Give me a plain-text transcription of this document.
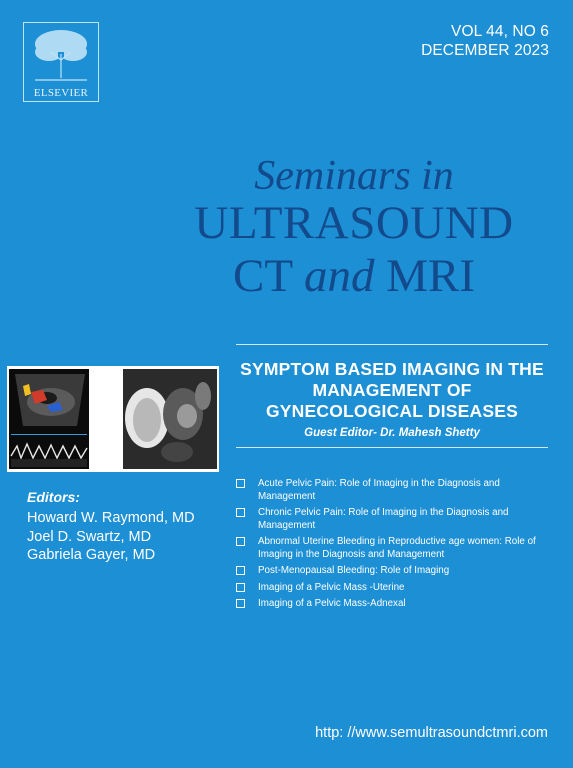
ELSEVIER
VOL 44, NO 6
DECEMBER 2023
Seminars in
ULTRASOUND
CT and MRI
SYMPTOM BASED IMAGING IN THE MANAGEMENT OF GYNECOLOGICAL DISEASES
Guest Editor- Dr. Mahesh Shetty
Acute Pelvic Pain: Role of Imaging in the Diagnosis and Management
Chronic Pelvic Pain: Role of Imaging in the Diagnosis and Management
Abnormal Uterine Bleeding in Reproductive age women: Role of Imaging in the Diagnosis and Management
Post-Menopausal Bleeding: Role of Imaging
Imaging of a Pelvic Mass -Uterine
Imaging of a Pelvic Mass-Adnexal
Editors:
Howard W. Raymond, MD
Joel D. Swartz, MD
Gabriela Gayer, MD
http: //www.semultrasoundctmri.com
